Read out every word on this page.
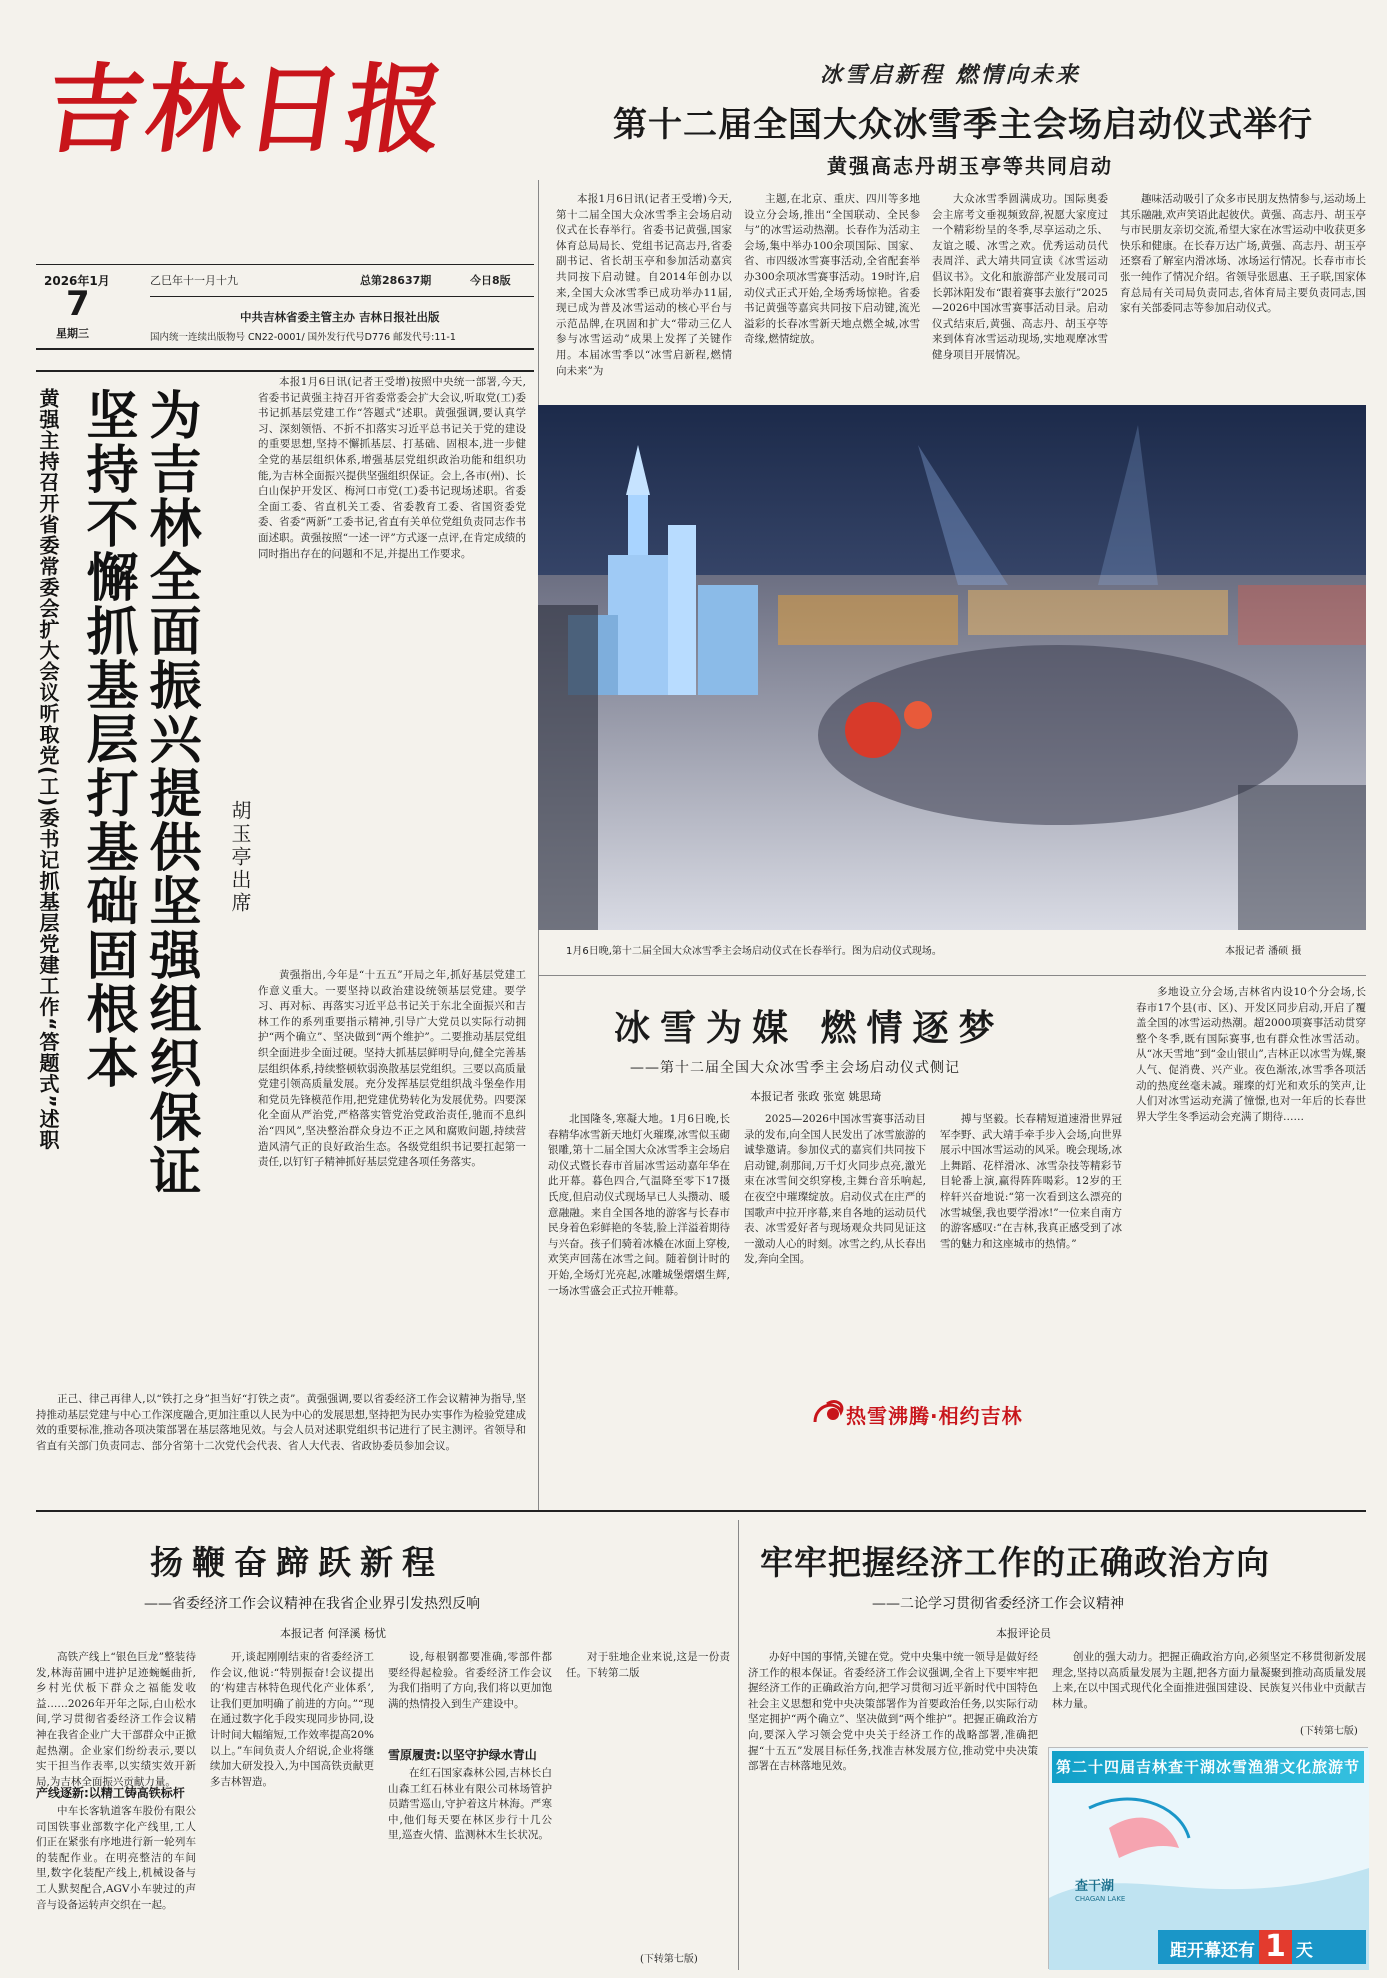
吉林日报
2026年1月
7
星期三
乙巳年十一月十九	总第28637期	今日8版
中共吉林省委主管主办 吉林日报社出版
国内统一连续出版物号 CN22-0001/ 国外发行代号D776 邮发代号:11-1
冰雪启新程 燃情向未来
第十二届全国大众冰雪季主会场启动仪式举行
黄强高志丹胡玉亭等共同启动

本报1月6日讯(记者王受增)今天,第十二届全国大众冰雪季主会场启动仪式在长春举行。省委书记黄强,国家体育总局局长、党组书记高志丹,省委副书记、省长胡玉亭和参加活动嘉宾共同按下启动键。自2014年创办以来,全国大众冰雪季已成功举办11届,现已成为普及冰雪运动的核心平台与示范品牌,在巩固和扩大“带动三亿人参与冰雪运动”成果上发挥了关键作用。本届冰雪季以“冰雪启新程,燃情向未来”为

主题,在北京、重庆、四川等多地设立分会场,推出“全国联动、全民参与”的冰雪运动热潮。长春作为活动主会场,集中举办100余项国际、国家、省、市四级冰雪赛事活动,全省配套举办300余项冰雪赛事活动。19时许,启动仪式正式开始,全场秀场惊艳。省委书记黄强等嘉宾共同按下启动键,流光溢彩的长春冰雪新天地点燃全城,冰雪奇缘,燃情绽放。

大众冰雪季圆满成功。国际奥委会主席考文垂视频致辞,祝愿大家度过一个精彩纷呈的冬季,尽享运动之乐、友谊之暖、冰雪之欢。优秀运动员代表周洋、武大靖共同宣读《冰雪运动倡议书》。文化和旅游部产业发展司司长郭沐阳发布“跟着赛事去旅行”2025—2026中国冰雪赛事活动目录。启动仪式结束后,黄强、高志丹、胡玉亭等来到体育冰雪运动现场,实地观摩冰雪健身项目开展情况。

趣味活动吸引了众多市民朋友热情参与,运动场上其乐融融,欢声笑语此起彼伏。黄强、高志丹、胡玉亭与市民朋友亲切交流,希望大家在冰雪运动中收获更多快乐和健康。在长春万达广场,黄强、高志丹、胡玉亭还察看了解室内滑冰场、冰场运行情况。长春市市长张一纯作了情况介绍。省领导张恩惠、王子联,国家体育总局有关司局负责同志,省体育局主要负责同志,国家有关部委同志等参加启动仪式。

为吉林全面振兴提供坚强组织保证
坚持不懈抓基层打基础固根本
黄强主持召开省委常委会扩大会议听取党(工)委书记抓基层党建工作“答题式”述职	胡玉亭出席

本报1月6日讯(记者王受增)按照中央统一部署,今天,省委书记黄强主持召开省委常委会扩大会议,听取党(工)委书记抓基层党建工作“答题式”述职。黄强强调,要认真学习、深刻领悟、不折不扣落实习近平总书记关于党的建设的重要思想,坚持不懈抓基层、打基础、固根本,进一步健全党的基层组织体系,增强基层党组织政治功能和组织功能,为吉林全面振兴提供坚强组织保证。会上,各市(州)、长白山保护开发区、梅河口市党(工)委书记现场述职。省委全面工委、省直机关工委、省委教育工委、省国资委党委、省委“两新”工委书记,省直有关单位党组负责同志作书面述职。黄强按照“一述一评”方式逐一点评,在肯定成绩的同时指出存在的问题和不足,并提出工作要求。

黄强指出,今年是“十五五”开局之年,抓好基层党建工作意义重大。一要坚持以政治建设统领基层党建。要学习、再对标、再落实习近平总书记关于东北全面振兴和吉林工作的系列重要指示精神,引导广大党员以实际行动拥护“两个确立”、坚决做到“两个维护”。二要推动基层党组织全面进步全面过硬。坚持大抓基层鲜明导向,健全完善基层组织体系,持续整顿软弱涣散基层党组织。三要以高质量党建引领高质量发展。充分发挥基层党组织战斗堡垒作用和党员先锋模范作用,把党建优势转化为发展优势。四要深化全面从严治党,严格落实管党治党政治责任,驰而不息纠治“四风”,坚决整治群众身边不正之风和腐败问题,持续营造风清气正的良好政治生态。各级党组织书记要扛起第一责任,以钉钉子精神抓好基层党建各项任务落实。

正己、律己再律人,以“铁打之身”担当好“打铁之责”。黄强强调,要以省委经济工作会议精神为指导,坚持推动基层党建与中心工作深度融合,更加注重以人民为中心的发展思想,坚持把为民办实事作为检验党建成效的重要标准,推动各项决策部署在基层落地见效。与会人员对述职党组织书记进行了民主测评。省领导和省直有关部门负责同志、部分省第十二次党代会代表、省人大代表、省政协委员参加会议。

1月6日晚,第十二届全国大众冰雪季主会场启动仪式在长春举行。图为启动仪式现场。	本报记者 潘硕 摄
冰雪为媒 燃情逐梦
——第十二届全国大众冰雪季主会场启动仪式侧记
本报记者 张政 张宽 姚思琦

北国隆冬,寒凝大地。1月6日晚,长春精华冰雪新天地灯火璀璨,冰雪似玉砌银雕,第十二届全国大众冰雪季主会场启动仪式暨长春市首届冰雪运动嘉年华在此开幕。暮色四合,气温降至零下17摄氏度,但启动仪式现场早已人头攒动、暖意融融。来自全国各地的游客与长春市民身着色彩鲜艳的冬装,脸上洋溢着期待与兴奋。孩子们骑着冰橇在冰面上穿梭,欢笑声回荡在冰雪之间。随着倒计时的开始,全场灯光亮起,冰雕城堡熠熠生辉,一场冰雪盛会正式拉开帷幕。

2025—2026中国冰雪赛事活动目录的发布,向全国人民发出了冰雪旅游的诚挚邀请。参加仪式的嘉宾们共同按下启动键,刹那间,万千灯火同步点亮,激光束在冰雪间交织穿梭,主舞台音乐响起,在夜空中璀璨绽放。启动仪式在庄严的国歌声中拉开序幕,来自各地的运动员代表、冰雪爱好者与现场观众共同见证这一激动人心的时刻。冰雪之约,从长春出发,奔向全国。

搏与坚毅。长春精短道速滑世界冠军李野、武大靖手牵手步入会场,向世界展示中国冰雪运动的风采。晚会现场,冰上舞蹈、花样滑冰、冰雪杂技等精彩节目轮番上演,赢得阵阵喝彩。12岁的王梓轩兴奋地说:“第一次看到这么漂亮的冰雪城堡,我也要学滑冰!”一位来自南方的游客感叹:“在吉林,我真正感受到了冰雪的魅力和这座城市的热情。”

多地设立分会场,吉林省内设10个分会场,长春市17个县(市、区)、开发区同步启动,开启了覆盖全国的冰雪运动热潮。超2000项赛事活动贯穿整个冬季,既有国际赛事,也有群众性冰雪活动。从“冰天雪地”到“金山银山”,吉林正以冰雪为媒,聚人气、促消费、兴产业。夜色渐浓,冰雪季各项活动的热度丝毫未减。璀璨的灯光和欢乐的笑声,让人们对冰雪运动充满了憧憬,也对一年后的长春世界大学生冬季运动会充满了期待……

热雪沸腾·相约吉林
扬鞭奋蹄跃新程
——省委经济工作会议精神在我省企业界引发热烈反响
本报记者 何泽溪 杨忧

高铁产线上“银色巨龙”整装待发,林海苗圃中进护足迹蜿蜒曲折,乡村光伏板下群众之福能发收益……2026年开年之际,白山松水间,学习贯彻省委经济工作会议精神在我省企业广大干部群众中正掀起热潮。企业家们纷纷表示,要以实干担当作表率,以实绩实效开新局,为吉林全面振兴贡献力量。

产线逐新:以精工铸高铁标杆

中车长客轨道客车股份有限公司国铁事业部数字化产线里,工人们正在紧张有序地进行新一轮列车的装配作业。在明亮整洁的车间里,数字化装配产线上,机械设备与工人默契配合,AGV小车驶过的声音与设备运转声交织在一起。

开,谈起刚刚结束的省委经济工作会议,他说:“特别振奋!会议提出的‘构建吉林特色现代化产业体系’,让我们更加明确了前进的方向。”“现在通过数字化手段实现同步协同,设计时间大幅缩短,工作效率提高20%以上。”车间负责人介绍说,企业将继续加大研发投入,为中国高铁贡献更多吉林智造。

设,每根钢都要准确,零部件都要经得起检验。省委经济工作会议为我们指明了方向,我们将以更加饱满的热情投入到生产建设中。

雪原履责:以坚守护绿水青山

在红石国家森林公园,吉林长白山森工红石林业有限公司林场管护员踏雪巡山,守护着这片林海。严寒中,他们每天要在林区步行十几公里,巡查火情、监测林木生长状况。

对于驻地企业来说,这是一份责任。下转第二版

(下转第七版)
牢牢把握经济工作的正确政治方向
——二论学习贯彻省委经济工作会议精神
本报评论员

办好中国的事情,关键在党。党中央集中统一领导是做好经济工作的根本保证。省委经济工作会议强调,全省上下要牢牢把握经济工作的正确政治方向,把学习贯彻习近平新时代中国特色社会主义思想和党中央决策部署作为首要政治任务,以实际行动坚定拥护“两个确立”、坚决做到“两个维护”。把握正确政治方向,要深入学习领会党中央关于经济工作的战略部署,准确把握“十五五”发展目标任务,找准吉林发展方位,推动党中央决策部署在吉林落地见效。

创业的强大动力。把握正确政治方向,必须坚定不移贯彻新发展理念,坚持以高质量发展为主题,把各方面力量凝聚到推动高质量发展上来,在以中国式现代化全面推进强国建设、民族复兴伟业中贡献吉林力量。

(下转第七版)
第二十四届吉林查干湖冰雪渔猎文化旅游节
查干湖
CHAGAN LAKE
距开幕还有 1 天
